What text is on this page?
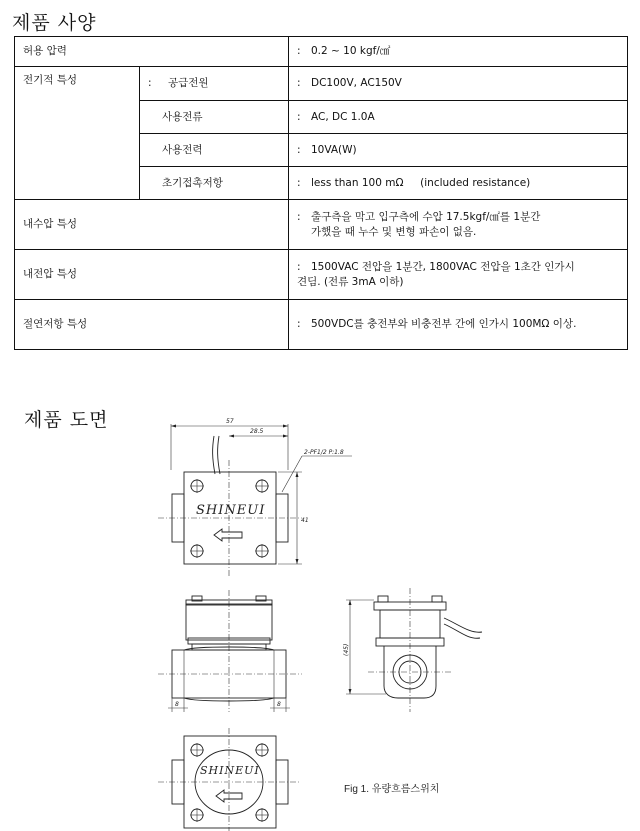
제품 사양
허용 압력		: 0.2 ~ 10 kgf/㎠
전기적 특성	: 공급전원	: DC100V, AC150V
	사용전류	: AC, DC 1.0A
	사용전력	: 10VA(W)
	초기접촉저항	: less than 100 mΩ     (included resistance)
내수압 특성		: 출구측을 막고 입구측에 수압 17.5kgf/㎠를 1분간
가했을 때 누수 및 변형 파손이 없음.

내전압 특성		: 1500VAC 전압을 1분간, 1800VAC 전압을 1초간 인가시
견딤. (전류 3mA 이하)

절연저항 특성		: 500VDC를 충전부와 비충전부 간에 인가시 100MΩ 이상.
제품 도면	57
28.5
2-PF1/2 P:1.8
41
SHINEUI
8	8
(45)
SHINEUI
Fig 1. 유량흐름스위치
